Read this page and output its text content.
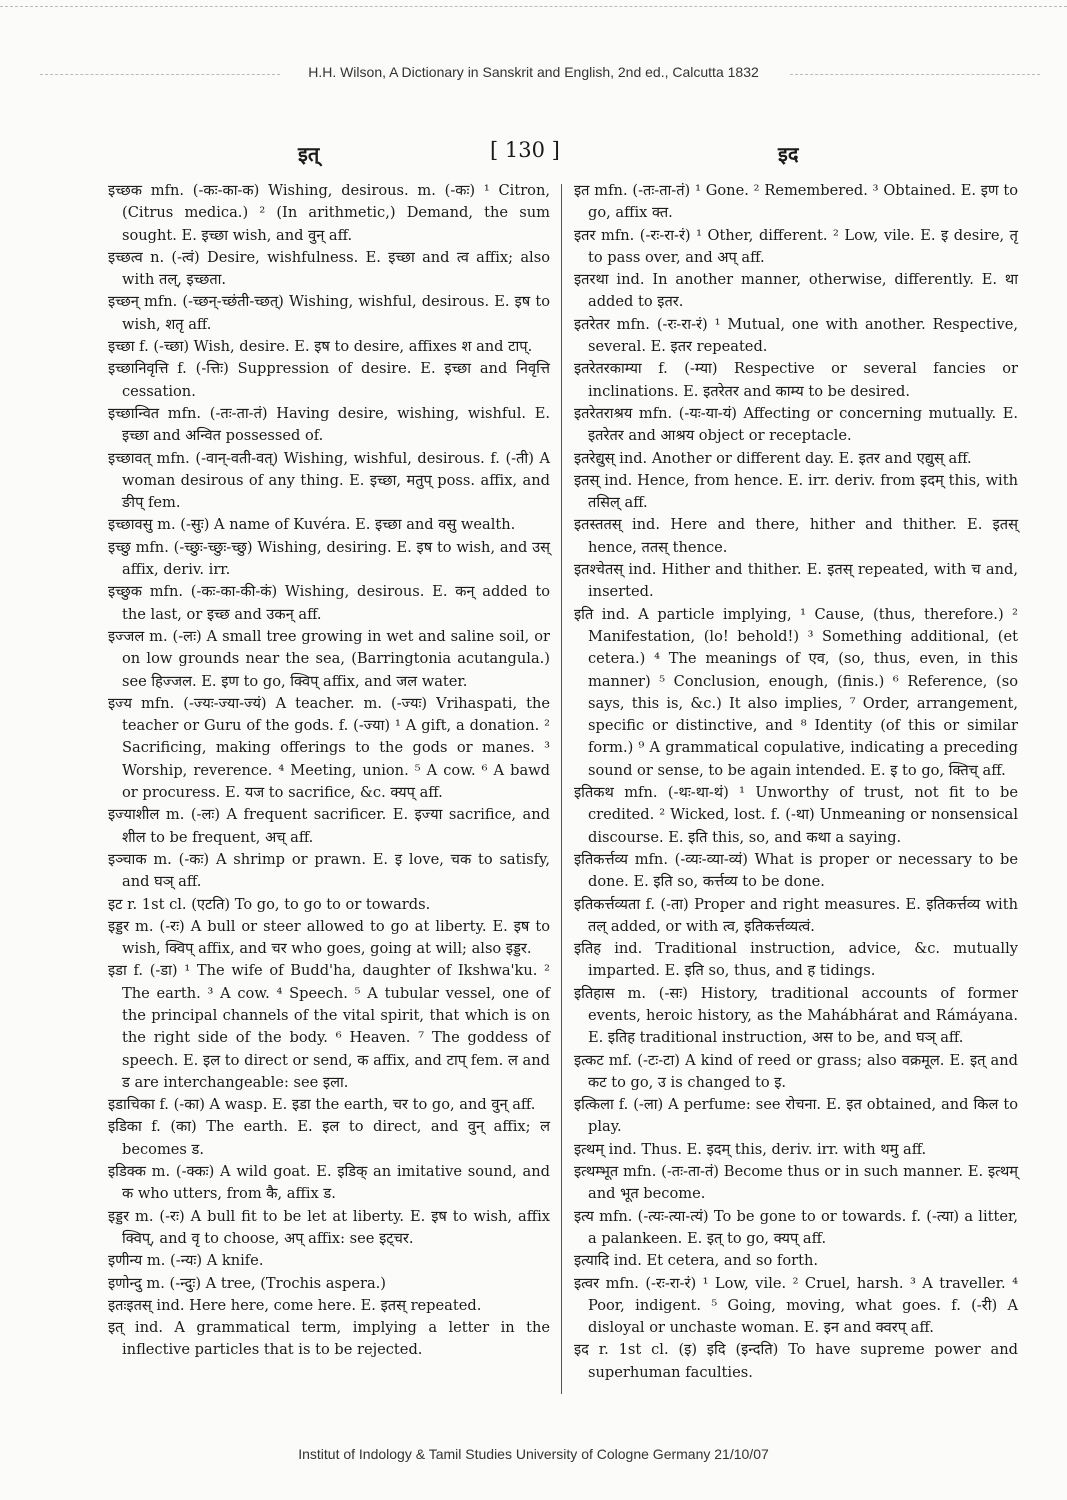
H.H. Wilson, A Dictionary in Sanskrit and English, 2nd ed., Calcutta 1832
इत्	[ 130 ]	इद

इच्छक mfn. (-कः-का-क) Wishing, desirous. m. (-कः) ¹ Citron, (Citrus medica.) ² (In arithmetic,) Demand, the sum sought. E. इच्छा wish, and वुन् aff.

इच्छत्व n. (-त्वं) Desire, wishfulness. E. इच्छा and त्व affix; also with तल्, इच्छता.

इच्छन् mfn. (-च्छन्-च्छंती-च्छत्) Wishing, wishful, desirous. E. इष to wish, शतृ aff.

इच्छा f. (-च्छा) Wish, desire. E. इष to desire, affixes श and टाप्.

इच्छानिवृत्ति f. (-त्तिः) Suppression of desire. E. इच्छा and निवृत्ति cessation.

इच्छान्वित mfn. (-तः-ता-तं) Having desire, wishing, wishful. E. इच्छा and अन्वित possessed of.

इच्छावत् mfn. (-वान्-वती-वत्) Wishing, wishful, desirous. f. (-ती) A woman desirous of any thing. E. इच्छा, मतुप् poss. affix, and ङीप् fem.

इच्छावसु m. (-सुः) A name of Kuvéra. E. इच्छा and वसु wealth.

इच्छु mfn. (-च्छुः-च्छुः-च्छु) Wishing, desiring. E. इष to wish, and उस् affix, deriv. irr.

इच्छुक mfn. (-कः-का-की-कं) Wishing, desirous. E. कन् added to the last, or इच्छ and उकन् aff.

इज्जल m. (-लः) A small tree growing in wet and saline soil, or on low grounds near the sea, (Barringtonia acutangula.) see हिज्जल. E. इण to go, क्विप् affix, and जल water.

इज्य mfn. (-ज्यः-ज्या-ज्यं) A teacher. m. (-ज्यः) Vrihaspati, the teacher or Guru of the gods. f. (-ज्या) ¹ A gift, a donation. ² Sacrificing, making offerings to the gods or manes. ³ Worship, reverence. ⁴ Meeting, union. ⁵ A cow. ⁶ A bawd or procuress. E. यज to sacrifice, &c. क्यप् aff.

इज्याशील m. (-लः) A frequent sacrificer. E. इज्या sacrifice, and शील to be frequent, अच् aff.

इञ्चाक m. (-कः) A shrimp or prawn. E. इ love, चक to satisfy, and घञ् aff.

इट r. 1st cl. (एटति) To go, to go to or towards.

इड्डर m. (-रः) A bull or steer allowed to go at liberty. E. इष to wish, क्विप् affix, and चर who goes, going at will; also इड्डर.

इडा f. (-डा) ¹ The wife of Budd'ha, daughter of Ikshwa'ku. ² The earth. ³ A cow. ⁴ Speech. ⁵ A tubular vessel, one of the principal channels of the vital spirit, that which is on the right side of the body. ⁶ Heaven. ⁷ The goddess of speech. E. इल to direct or send, क affix, and टाप् fem. ल and ड are interchangeable: see इला.

इडाचिका f. (-का) A wasp. E. इडा the earth, चर to go, and वुन् aff.

इडिका f. (का) The earth. E. इल to direct, and वुन् affix; ल becomes ड.

इडिक्क m. (-क्कः) A wild goat. E. इडिक् an imitative sound, and क who utters, from कै, affix ड.

इड्डर m. (-रः) A bull fit to be let at liberty. E. इष to wish, affix क्विप्, and वृ to choose, अप् affix: see इट्चर.

इणीन्य m. (-न्यः) A knife.

इणोन्दु m. (-न्दुः) A tree, (Trochis aspera.)

इतःइतस् ind. Here here, come here. E. इतस् repeated.

इत् ind. A grammatical term, implying a letter in the inflective particles that is to be rejected.

इत mfn. (-तः-ता-तं) ¹ Gone. ² Remembered. ³ Obtained. E. इण to go, affix क्त.

इतर mfn. (-रः-रा-रं) ¹ Other, different. ² Low, vile. E. इ desire, तृ to pass over, and अप् aff.

इतरथा ind. In another manner, otherwise, differently. E. था added to इतर.

इतरेतर mfn. (-रः-रा-रं) ¹ Mutual, one with another. Respective, several. E. इतर repeated.

इतरेतरकाम्या f. (-म्या) Respective or several fancies or inclinations. E. इतरेतर and काम्य to be desired.

इतरेतराश्रय mfn. (-यः-या-यं) Affecting or concerning mutually. E. इतरेतर and आश्रय object or receptacle.

इतरेद्युस् ind. Another or different day. E. इतर and एद्युस् aff.

इतस् ind. Hence, from hence. E. irr. deriv. from इदम् this, with तसिल् aff.

इतस्ततस् ind. Here and there, hither and thither. E. इतस् hence, ततस् thence.

इतश्चेतस् ind. Hither and thither. E. इतस् repeated, with च and, inserted.

इति ind. A particle implying, ¹ Cause, (thus, therefore.) ² Manifestation, (lo! behold!) ³ Something additional, (et cetera.) ⁴ The meanings of एव, (so, thus, even, in this manner) ⁵ Conclusion, enough, (finis.) ⁶ Reference, (so says, this is, &c.) It also implies, ⁷ Order, arrangement, specific or distinctive, and ⁸ Identity (of this or similar form.) ⁹ A grammatical copulative, indicating a preceding sound or sense, to be again intended. E. इ to go, क्तिच् aff.

इतिकथ mfn. (-थः-था-थं) ¹ Unworthy of trust, not fit to be credited. ² Wicked, lost. f. (-था) Unmeaning or nonsensical discourse. E. इति this, so, and कथा a saying.

इतिकर्त्तव्य mfn. (-व्यः-व्या-व्यं) What is proper or necessary to be done. E. इति so, कर्त्तव्य to be done.

इतिकर्त्तव्यता f. (-ता) Proper and right measures. E. इतिकर्त्तव्य with तल् added, or with त्व, इतिकर्त्तव्यत्वं.

इतिह ind. Traditional instruction, advice, &c. mutually imparted. E. इति so, thus, and ह tidings.

इतिहास m. (-सः) History, traditional accounts of former events, heroic history, as the Mahábhárat and Rámáyana. E. इतिह traditional instruction, अस to be, and घञ् aff.

इत्कट mf. (-टः-टा) A kind of reed or grass; also वक्रमूल. E. इत् and कट to go, उ is changed to इ.

इत्किला f. (-ला) A perfume: see रोचना. E. इत obtained, and किल to play.

इत्थम् ind. Thus. E. इदम् this, deriv. irr. with थमु aff.

इत्थम्भूत mfn. (-तः-ता-तं) Become thus or in such manner. E. इत्थम् and भूत become.

इत्य mfn. (-त्यः-त्या-त्यं) To be gone to or towards. f. (-त्या) a litter, a palankeen. E. इत् to go, क्यप् aff.

इत्यादि ind. Et cetera, and so forth.

इत्वर mfn. (-रः-रा-रं) ¹ Low, vile. ² Cruel, harsh. ³ A traveller. ⁴ Poor, indigent. ⁵ Going, moving, what goes. f. (-री) A disloyal or unchaste woman. E. इन and क्वरप् aff.

इद r. 1st cl. (इ) इदि (इन्दति) To have supreme power and superhuman faculties.

Institut of Indology & Tamil Studies University of Cologne Germany 21/10/07
